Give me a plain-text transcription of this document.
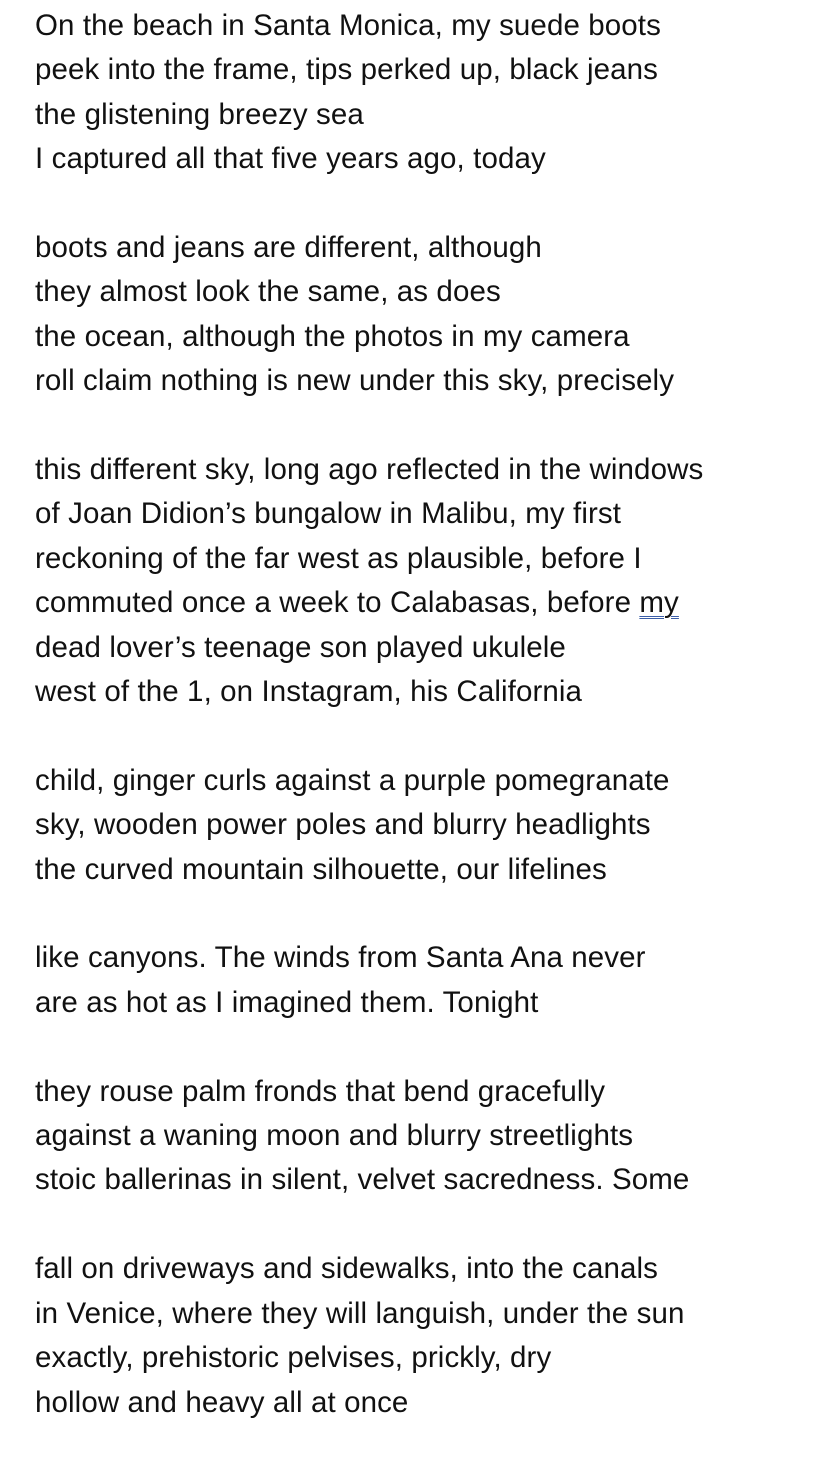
On the beach in Santa Monica, my suede boots
peek into the frame, tips perked up, black jeans
the glistening breezy sea
I captured all that five years ago, today
boots and jeans are different, although
they almost look the same, as does
the ocean, although the photos in my camera
roll claim nothing is new under this sky, precisely
this different sky, long ago reflected in the windows
of Joan Didion’s bungalow in Malibu, my first
reckoning of the far west as plausible, before I
commuted once a week to Calabasas, before my
dead lover’s teenage son played ukulele
west of the 1, on Instagram, his California
child, ginger curls against a purple pomegranate
sky, wooden power poles and blurry headlights
the curved mountain silhouette, our lifelines
like canyons. The winds from Santa Ana never
are as hot as I imagined them. Tonight
they rouse palm fronds that bend gracefully
against a waning moon and blurry streetlights
stoic ballerinas in silent, velvet sacredness. Some
fall on driveways and sidewalks, into the canals
in Venice, where they will languish, under the sun
exactly, prehistoric pelvises, prickly, dry
hollow and heavy all at once
